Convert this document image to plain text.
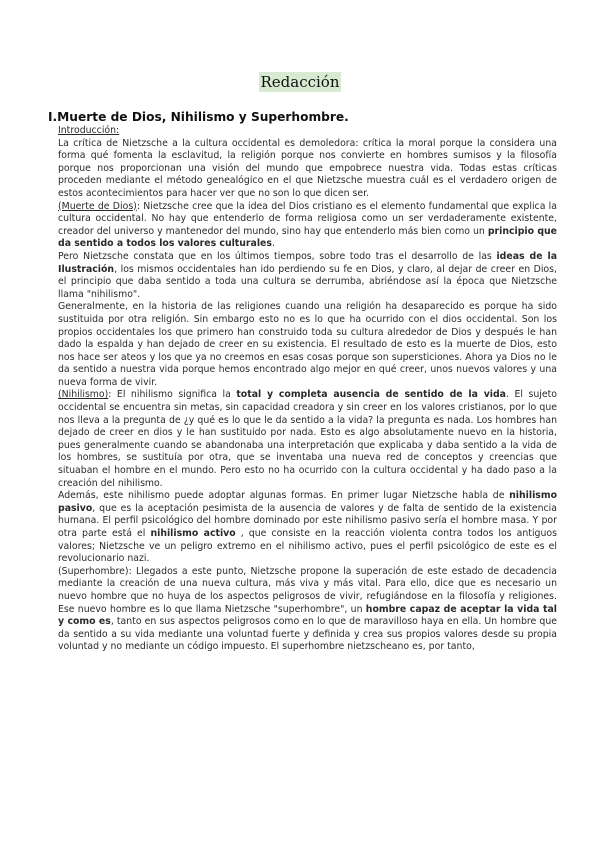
Redacción
I.Muerte de Dios, Nihilismo y Superhombre.

Introducción:

La crítica de Nietzsche a la cultura occidental es demoledora: crítica la moral porque la considera una forma qué fomenta la esclavitud, la religión porque nos convierte en hombres sumisos y la filosofía porque nos proporcionan una visión del mundo que empobrece nuestra vida. Todas estas críticas proceden mediante el método genealógico en el que Nietzsche muestra cuál es el verdadero origen de estos acontecimientos para hacer ver que no son lo que dicen ser.

(Muerte de Dios): Nietzsche cree que la idea del Dios cristiano es el elemento fundamental que explica la cultura occidental. No hay que entenderlo de forma religiosa como un ser verdaderamente existente, creador del universo y mantenedor del mundo, sino hay que entenderlo más bien como un principio que da sentido a todos los valores culturales.

Pero Nietzsche constata que en los últimos tiempos, sobre todo tras el desarrollo de las ideas de la Ilustración, los mismos occidentales han ido perdiendo su fe en Dios, y claro, al dejar de creer en Dios, el principio que daba sentido a toda una cultura se derrumba, abriéndose así la época que Nietzsche llama "nihilismo".

Generalmente, en la historia de las religiones cuando una religión ha desaparecido es porque ha sido sustituida por otra religión. Sin embargo esto no es lo que ha ocurrido con el dios occidental. Son los propios occidentales los que primero han construido toda su cultura alrededor de Dios y después le han dado la espalda y han dejado de creer en su existencia. El resultado de esto es la muerte de Dios, esto nos hace ser ateos y los que ya no creemos en esas cosas porque son supersticiones. Ahora ya Dios no le da sentido a nuestra vida porque hemos encontrado algo mejor en qué creer, unos nuevos valores y una nueva forma de vivir.

(Nihilismo): El nihilismo significa la total y completa ausencia de sentido de la vida. El sujeto occidental se encuentra sin metas, sin capacidad creadora y sin creer en los valores cristianos, por lo que nos lleva a la pregunta de ¿y qué es lo que le da sentido a la vida? la pregunta es nada. Los hombres han dejado de creer en dios y le han sustituido por nada. Esto es algo absolutamente nuevo en la historia, pues generalmente cuando se abandonaba una interpretación que explicaba y daba sentido a la vida de los hombres, se sustituía por otra, que se inventaba una nueva red de conceptos y creencias que situaban el hombre en el mundo. Pero esto no ha ocurrido con la cultura occidental y ha dado paso a la creación del nihilismo.

Además, este nihilismo puede adoptar algunas formas. En primer lugar Nietzsche habla de nihilismo pasivo, que es la aceptación pesimista de la ausencia de valores y de falta de sentido de la existencia humana. El perfil psicológico del hombre dominado por este nihilismo pasivo sería el hombre masa. Y por otra parte está el nihilismo activo , que consiste en la reacción violenta contra todos los antiguos valores; Nietzsche ve un peligro extremo en el nihilismo activo, pues el perfil psicológico de este es el revolucionario nazi.

(Superhombre): Llegados a este punto, Nietzsche propone la superación de este estado de decadencia mediante la creación de una nueva cultura, más viva y más vital. Para ello, dice que es necesario un nuevo hombre que no huya de los aspectos peligrosos de vivir, refugiándose en la filosofía y religiones. Ese nuevo hombre es lo que llama Nietzsche "superhombre", un hombre capaz de aceptar la vida tal y como es, tanto en sus aspectos peligrosos como en lo que de maravilloso haya en ella. Un hombre que da sentido a su vida mediante una voluntad fuerte y definida y crea sus propios valores desde su propia voluntad y no mediante un código impuesto. El superhombre nietzscheano es, por tanto,
